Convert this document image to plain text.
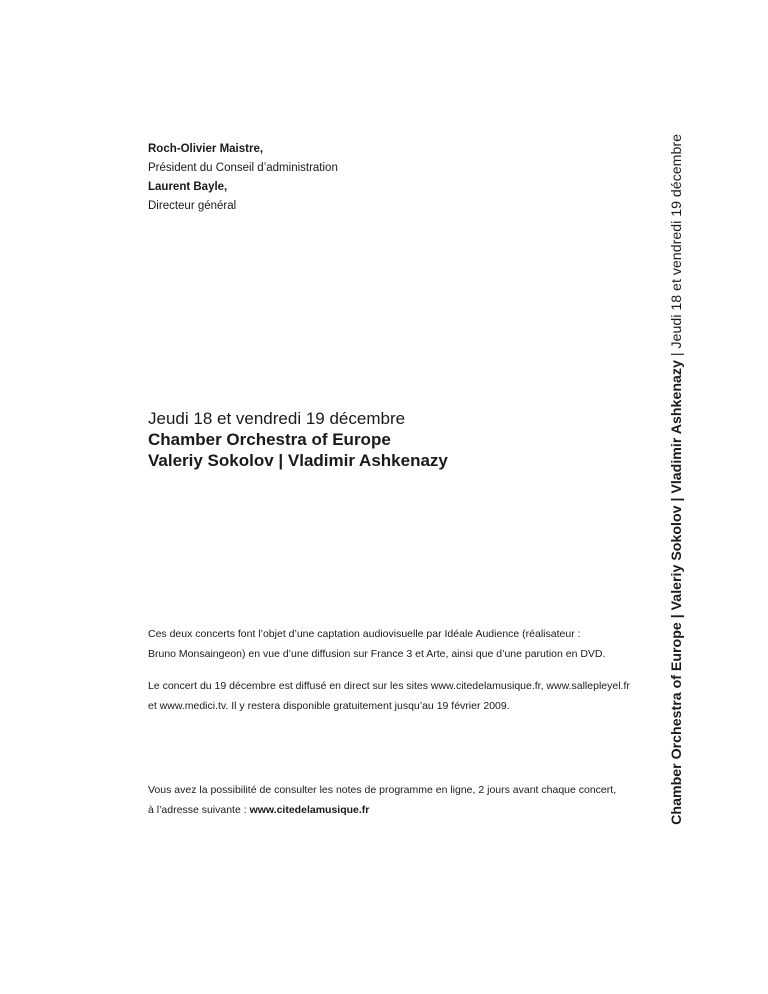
Roch-Olivier Maistre,
Président du Conseil d’administration
Laurent Bayle,
Directeur général
Jeudi 18 et vendredi 19 décembre
Chamber Orchestra of Europe
Valeriy Sokolov | Vladimir Ashkenazy

Ces deux concerts font l’objet d’une captation audiovisuelle par Idéale Audience (réalisateur :
Bruno Monsaingeon) en vue d’une diffusion sur France 3 et Arte, ainsi que d’une parution en DVD.

Le concert du 19 décembre est diffusé en direct sur les sites www.citedelamusique.fr, www.sallepleyel.fr
et www.medici.tv. Il y restera disponible gratuitement jusqu’au 19 février 2009.

Vous avez la possibilité de consulter les notes de programme en ligne, 2 jours avant chaque concert,
à l’adresse suivante : www.citedelamusique.fr	Chamber Orchestra of Europe | Valeriy Sokolov | Vladimir Ashkenazy | Jeudi 18 et vendredi 19 décembre
